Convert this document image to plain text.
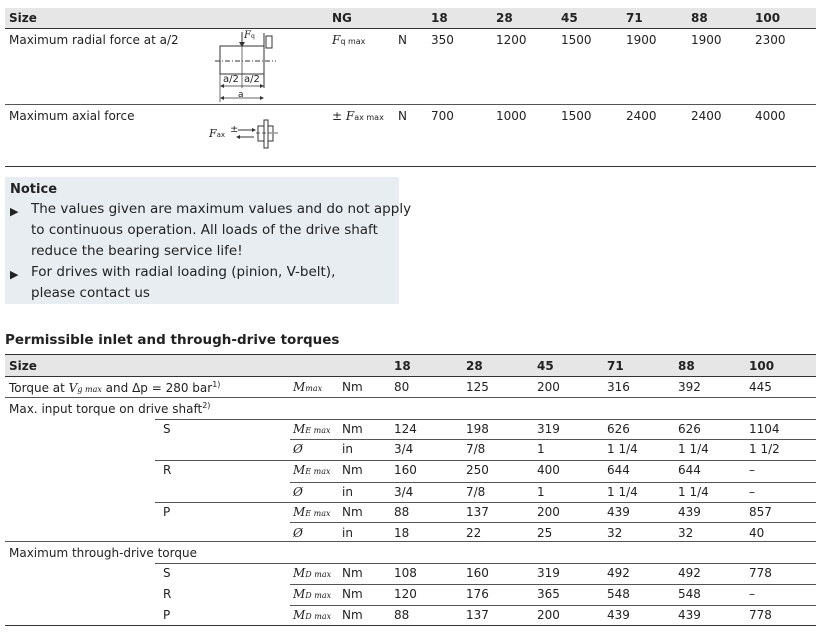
Size	NG	18	28	45	71	88	100
Maximum radial force at a/2	Fq max	N 350	1200	1500	1900	1900	2300
Fq
a/2 a/2
a
Maximum axial force	± Fax max N 700	1000	1500	2400	2400	4000
Fax ±
Notice
▶ The values given are maximum values and do not apply
to continuous operation. All loads of the drive shaft
reduce the bearing service life!
▶ For drives with radial loading (pinion, V-belt),
please contact us
Permissible inlet and through-drive torques
Size	18	28	45	71	88	100
Torque at Vg max and Δp = 280 bar$^{1)}$	Mmax Nm	80	125	200	316	392	445
Max. input torque on drive shaft$^{2)}$
S	ME max Nm	124	198	319	626	626	1104
Ø	in	3/4	7/8	1	1 1/4	1 1/4	1 1/2
R	ME max Nm	160	250	400	644	644	–
Ø	in	3/4	7/8	1	1 1/4	1 1/4	–
P	ME max Nm	88	137	200	439	439	857
Ø	in	18	22	25	32	32	40
Maximum through-drive torque
S	MD max Nm	108	160	319	492	492	778
R	MD max Nm	120	176	365	548	548	–
P	MD max Nm	88	137	200	439	439	778
